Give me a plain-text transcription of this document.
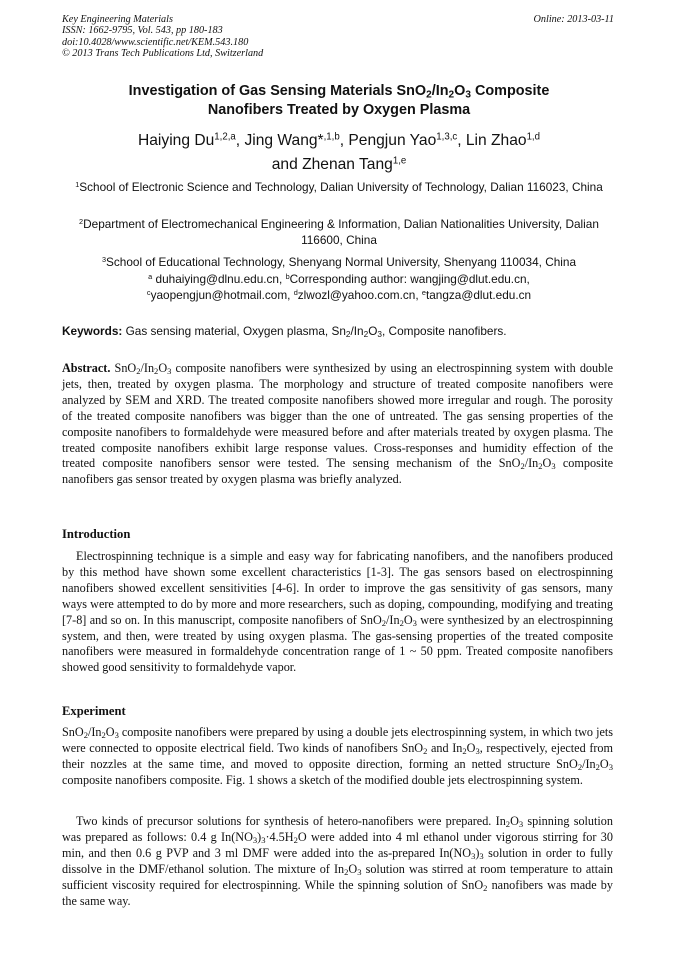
Key Engineering Materials
ISSN: 1662-9795, Vol. 543, pp 180-183
doi:10.4028/www.scientific.net/KEM.543.180
© 2013 Trans Tech Publications Ltd, Switzerland
Online: 2013-03-11
Investigation of Gas Sensing Materials $SnO_2/In_2O_3$ Composite
Nanofibers Treated by Oxygen Plasma
Haiying Du$^{1,2,a}$, Jing Wang*$^{,1,b}$, Pengjun Yao$^{1,3,c}$, Lin Zhao$^{1,d}$
and Zhenan Tang$^{1,e}$
$^1$School of Electronic Science and Technology, Dalian University of Technology, Dalian 116023, China
$^2$Department of Electromechanical Engineering & Information, Dalian Nationalities University, Dalian 116600, China
$^3$School of Educational Technology, Shenyang Normal University, Shenyang 110034, China
$^a$ duhaiying@dlnu.edu.cn, $^b$Corresponding author: wangjing@dlut.edu.cn,
$^c$yaopengjun@hotmail.com, $^d$zlwozl@yahoo.com.cn, $^e$tangza@dlut.edu.cn
Keywords: Gas sensing material, Oxygen plasma, $Sn_2/In_2O_3$, Composite nanofibers.

Abstract. $SnO_2/In_2O_3$ composite nanofibers were synthesized by using an electrospinning system with double jets, then, treated by oxygen plasma. The morphology and structure of treated composite nanofibers were analyzed by SEM and XRD. The treated composite nanofibers showed more irregular and rough. The porosity of the treated composite nanofibers was bigger than the one of untreated. The gas sensing properties of the composite nanofibers to formaldehyde were measured before and after materials treated by oxygen plasma. The treated composite nanofibers exhibit large response values. Cross-responses and humidity effection of the treated composite nanofibers sensor were tested. The sensing mechanism of the $SnO_2/In_2O_3$ composite nanofibers gas sensor treated by oxygen plasma was briefly analyzed.

Introduction

Electrospinning technique is a simple and easy way for fabricating nanofibers, and the nanofibers produced by this method have shown some excellent characteristics [1-3]. The gas sensors based on electrospinning nanofibers showed excellent sensitivities [4-6]. In order to improve the gas sensitivity of gas sensors, many ways were attempted to do by more and more researchers, such as doping, compounding, modifying and treating [7-8] and so on. In this manuscript, composite nanofibers of $SnO_2/In_2O_3$ were synthesized by an electrospinning system, and then, were treated by using oxygen plasma. The gas-sensing properties of the treated composite nanofibers were measured in formaldehyde concentration range of 1 ~ 50 ppm. Treated composite nanofibers showed good sensitivity to formaldehyde vapor.

Experiment

$SnO_2/In_2O_3$ composite nanofibers were prepared by using a double jets electrospinning system, in which two jets were connected to opposite electrical field. Two kinds of nanofibers SnO$_2$ and $In_2O_3$, respectively, ejected from their nozzles at the same time, and moved to opposite direction, forming an netted structure $SnO_2/In_2O_3$ composite nanofibers composite. Fig. 1 shows a sketch of the modified double jets electrospinning system.

Two kinds of precursor solutions for synthesis of hetero-nanofibers were prepared. $In_2O_3$ spinning solution was prepared as follows: 0.4 g $In(NO_3)_3\cdot 4.5H_2O$ were added into 4 ml ethanol under vigorous stirring for 30 min, and then 0.6 g PVP and 3 ml DMF were added into the as-prepared $In(NO_3)_3$ solution in order to fully dissolve in the DMF/ethanol solution. The mixture of $In_2O_3$ solution was stirred at room temperature to attain sufficient viscosity required for electrospinning. While the spinning solution of SnO$_2$ nanofibers was made by the same way.
